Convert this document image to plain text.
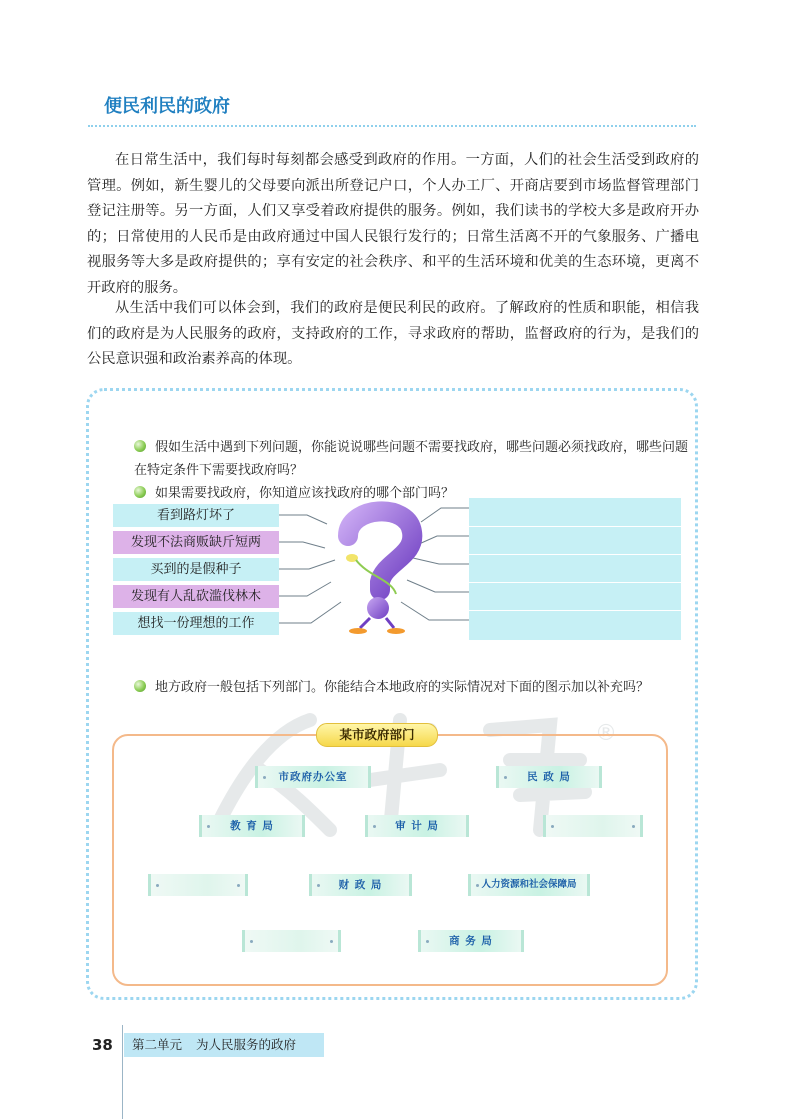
便民利民的政府
在日常生活中，我们每时每刻都会感受到政府的作用。一方面，人们的社会生活受到政府的管理。例如，新生婴儿的父母要向派出所登记户口，个人办工厂、开商店要到市场监督管理部门登记注册等。另一方面，人们又享受着政府提供的服务。例如，我们读书的学校大多是政府开办的；日常使用的人民币是由政府通过中国人民银行发行的；日常生活离不开的气象服务、广播电视服务等大多是政府提供的；享有安定的社会秩序、和平的生活环境和优美的生态环境，更离不开政府的服务。
从生活中我们可以体会到，我们的政府是便民利民的政府。了解政府的性质和职能，相信我们的政府是为人民服务的政府，支持政府的工作，寻求政府的帮助，监督政府的行为，是我们的公民意识强和政治素养高的体现。
假如生活中遇到下列问题，你能说说哪些问题不需要找政府，哪些问题必须找政府，哪些问题在特定条件下需要找政府吗？
如果需要找政府，你知道应该找政府的哪个部门吗？
看到路灯坏了
发现不法商贩缺斤短两
买到的是假种子
发现有人乱砍滥伐林木
想找一份理想的工作
地方政府一般包括下列部门。你能结合本地政府的实际情况对下面的图示加以补充吗？
®
某市政府部门
市政府办公室	民 政 局
教 育 局	审 计 局
财 政 局	人力资源和社会保障局
商 务 局
38	第二单元 为人民服务的政府
